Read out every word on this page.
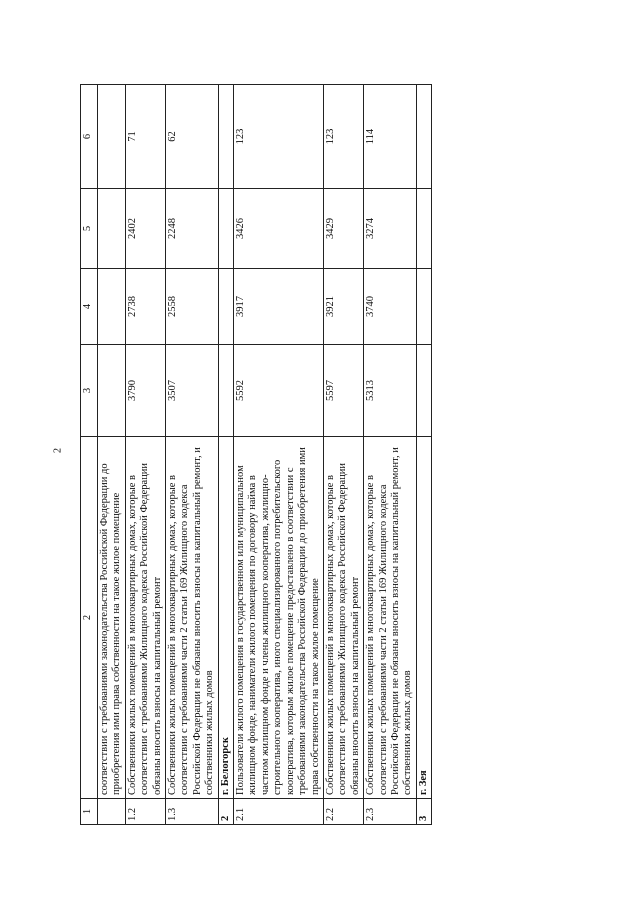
2
1	2	3	4	5	6
	соответствии с требованиями законодательства Российской Федерации до приобретения ими права собственности на такое жилое помещение				
1.2	Собственники жилых помещений в многоквартирных домах, которые в соответствии с требованиями Жилищного кодекса Российской Федерации обязаны вносить взносы на капитальный ремонт	3790	2738	2402	71
1.3	Собственники жилых помещений в многоквартирных домах, которые в соответствии с требованиями части 2 статьи 169 Жилищного кодекса Российской Федерации не обязаны вносить взносы на капитальный ремонт, и собственники жилых домов	3507	2558	2248	62
2	г. Белогорск				
2.1	Пользователи жилого помещения в государственном или муниципальном жилищном фонде, наниматели жилого помещения по договору найма в частном жилищном фонде и члены жилищного кооператива, жилищно-строительного кооператива, иного специализированного потребительского кооператива, которым жилое помещение предоставлено в соответствии с требованиями законодательства Российской Федерации до приобретения ими права собственности на такое жилое помещение	5592	3917	3426	123
2.2	Собственники жилых помещений в многоквартирных домах, которые в соответствии с требованиями Жилищного кодекса Российской Федерации обязаны вносить взносы на капитальный ремонт	5597	3921	3429	123
2.3	Собственники жилых помещений в многоквартирных домах, которые в соответствии с требованиями части 2 статьи 169 Жилищного кодекса Российской Федерации не обязаны вносить взносы на капитальный ремонт, и собственники жилых домов	5313	3740	3274	114
3	г. Зея				
